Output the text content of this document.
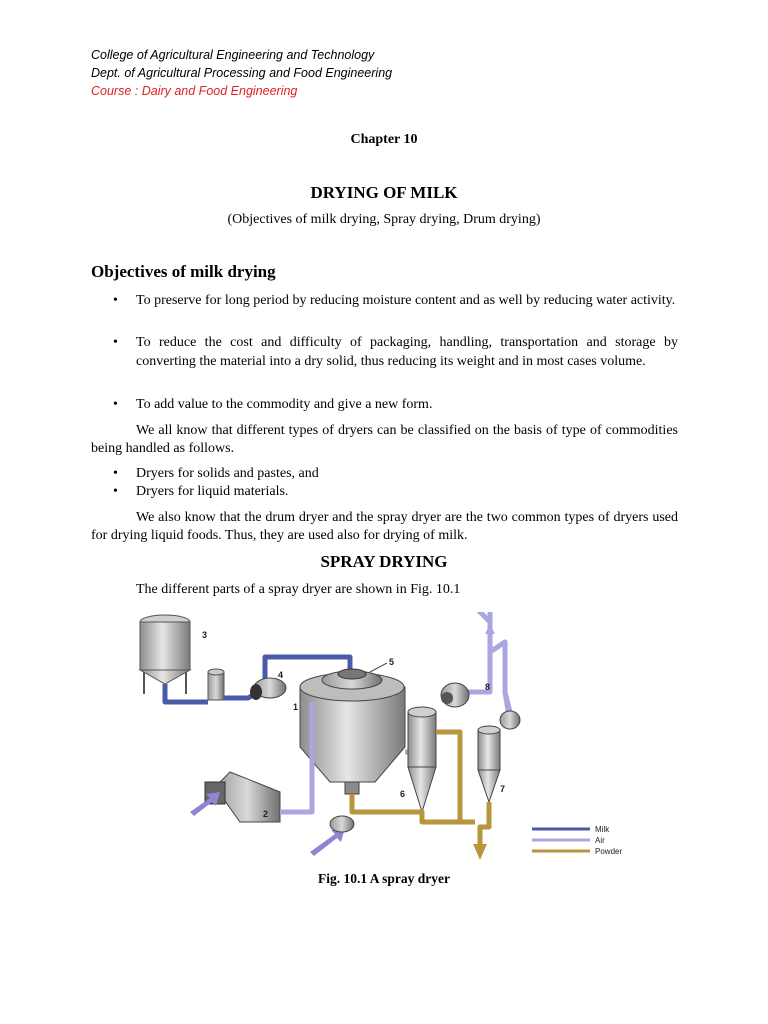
College of Agricultural Engineering and Technology
Dept. of Agricultural Processing and Food Engineering
Course : Dairy and Food Engineering
Chapter 10
DRYING OF MILK
(Objectives of milk drying, Spray drying, Drum drying)
Objectives of milk drying
• To preserve for long period by reducing moisture content and as well by reducing water activity.
• To reduce the cost and difficulty of packaging, handling, transportation and storage by converting the material into a dry solid, thus reducing its weight and in most cases volume.
• To add value to the commodity and give a new form.
We all know that different types of dryers can be classified on the basis of type of commodities being handled as follows.
• Dryers for solids and pastes, and
• Dryers for liquid materials.
We also know that the drum dryer and the spray dryer are the two common types of dryers used for drying liquid foods. Thus, they are used also for drying of milk.
SPRAY DRYING
The different parts of a spray dryer are shown in Fig. 10.1
1
2
3
4
5
6	7
8
Milk
Air
Powder
Fig. 10.1 A spray dryer
